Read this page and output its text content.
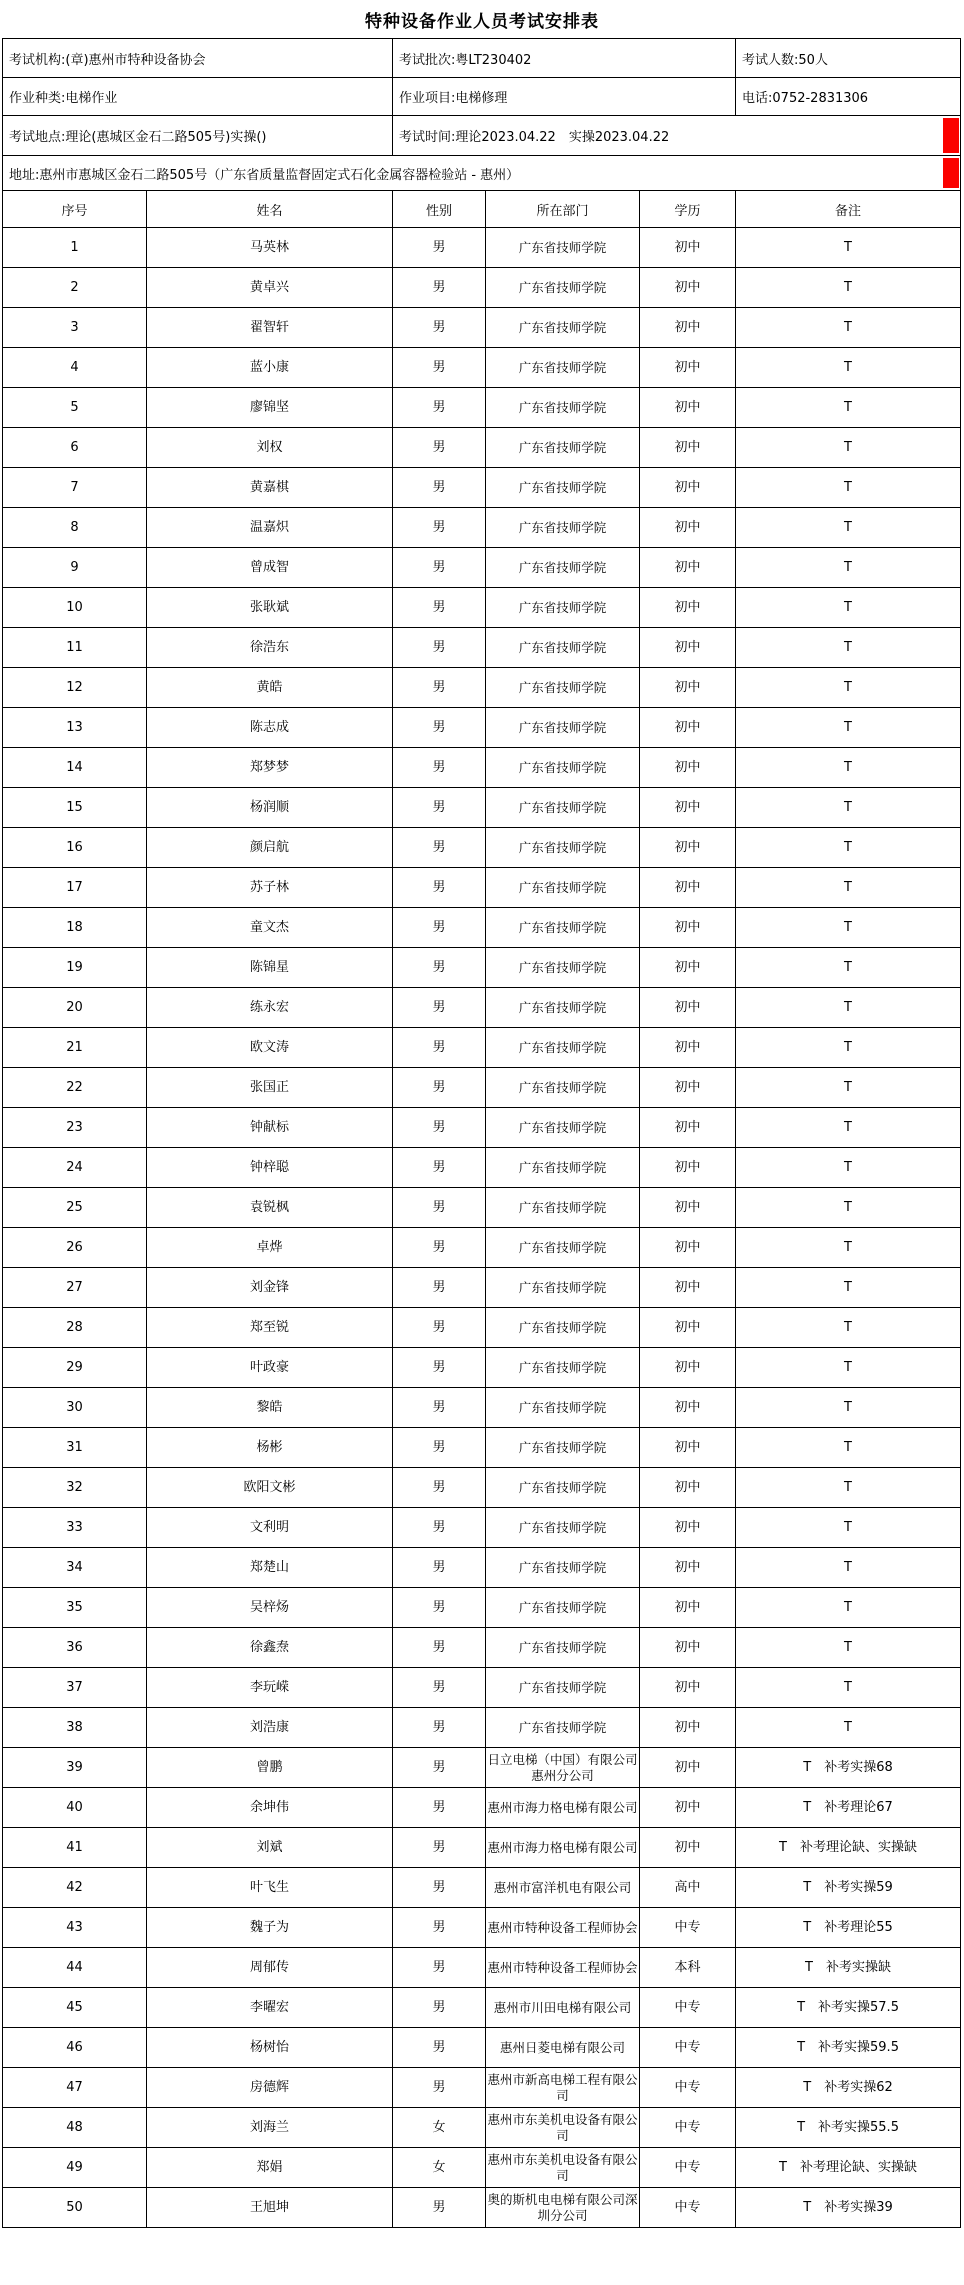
特种设备作业人员考试安排表
考试机构:(章)惠州市特种设备协会		考试批次:粤LT230402			考试人数:50人
作业种类:电梯作业		作业项目:电梯修理			电话:0752-2831306
考试地点:理论(惠城区金石二路505号)实操()		考试时间:理论2023.04.22　实操2023.04.22			

地址:惠州市惠城区金石二路505号（广东省质量监督固定式石化金属容器检验站 - 惠州）					

序号	姓名	性别	所在部门	学历	备注
1	马英林	男	广东省技师学院	初中	T
2	黄卓兴	男	广东省技师学院	初中	T
3	翟智轩	男	广东省技师学院	初中	T
4	蓝小康	男	广东省技师学院	初中	T
5	廖锦坚	男	广东省技师学院	初中	T
6	刘权	男	广东省技师学院	初中	T
7	黄嘉棋	男	广东省技师学院	初中	T
8	温嘉炽	男	广东省技师学院	初中	T
9	曾成智	男	广东省技师学院	初中	T
10	张耿斌	男	广东省技师学院	初中	T
11	徐浩东	男	广东省技师学院	初中	T
12	黄皓	男	广东省技师学院	初中	T
13	陈志成	男	广东省技师学院	初中	T
14	郑梦梦	男	广东省技师学院	初中	T
15	杨润顺	男	广东省技师学院	初中	T
16	颜启航	男	广东省技师学院	初中	T
17	苏子林	男	广东省技师学院	初中	T
18	童文杰	男	广东省技师学院	初中	T
19	陈锦星	男	广东省技师学院	初中	T
20	练永宏	男	广东省技师学院	初中	T
21	欧文涛	男	广东省技师学院	初中	T
22	张国正	男	广东省技师学院	初中	T
23	钟献标	男	广东省技师学院	初中	T
24	钟梓聪	男	广东省技师学院	初中	T
25	袁锐枫	男	广东省技师学院	初中	T
26	卓烨	男	广东省技师学院	初中	T
27	刘金锋	男	广东省技师学院	初中	T
28	郑至锐	男	广东省技师学院	初中	T
29	叶政豪	男	广东省技师学院	初中	T
30	黎皓	男	广东省技师学院	初中	T
31	杨彬	男	广东省技师学院	初中	T
32	欧阳文彬	男	广东省技师学院	初中	T
33	文利明	男	广东省技师学院	初中	T
34	郑楚山	男	广东省技师学院	初中	T
35	吴梓炀	男	广东省技师学院	初中	T
36	徐鑫焘	男	广东省技师学院	初中	T
37	李玩嵘	男	广东省技师学院	初中	T
38	刘浩康	男	广东省技师学院	初中	T
39	曾鹏	男	日立电梯（中国）有限公司惠州分公司	初中	T　补考实操68
40	余坤伟	男	惠州市海力格电梯有限公司	初中	T　补考理论67
41	刘斌	男	惠州市海力格电梯有限公司	初中	T　补考理论缺、实操缺
42	叶飞生	男	惠州市富洋机电有限公司	高中	T　补考实操59
43	魏子为	男	惠州市特种设备工程师协会	中专	T　补考理论55
44	周郁传	男	惠州市特种设备工程师协会	本科	T　补考实操缺
45	李曜宏	男	惠州市川田电梯有限公司	中专	T　补考实操57.5
46	杨树怡	男	惠州日菱电梯有限公司	中专	T　补考实操59.5
47	房德辉	男	惠州市新高电梯工程有限公司	中专	T　补考实操62
48	刘海兰	女	惠州市东美机电设备有限公司	中专	T　补考实操55.5
49	郑娟	女	惠州市东美机电设备有限公司	中专	T　补考理论缺、实操缺
50	王旭坤	男	奥的斯机电电梯有限公司深圳分公司	中专	T　补考实操39
